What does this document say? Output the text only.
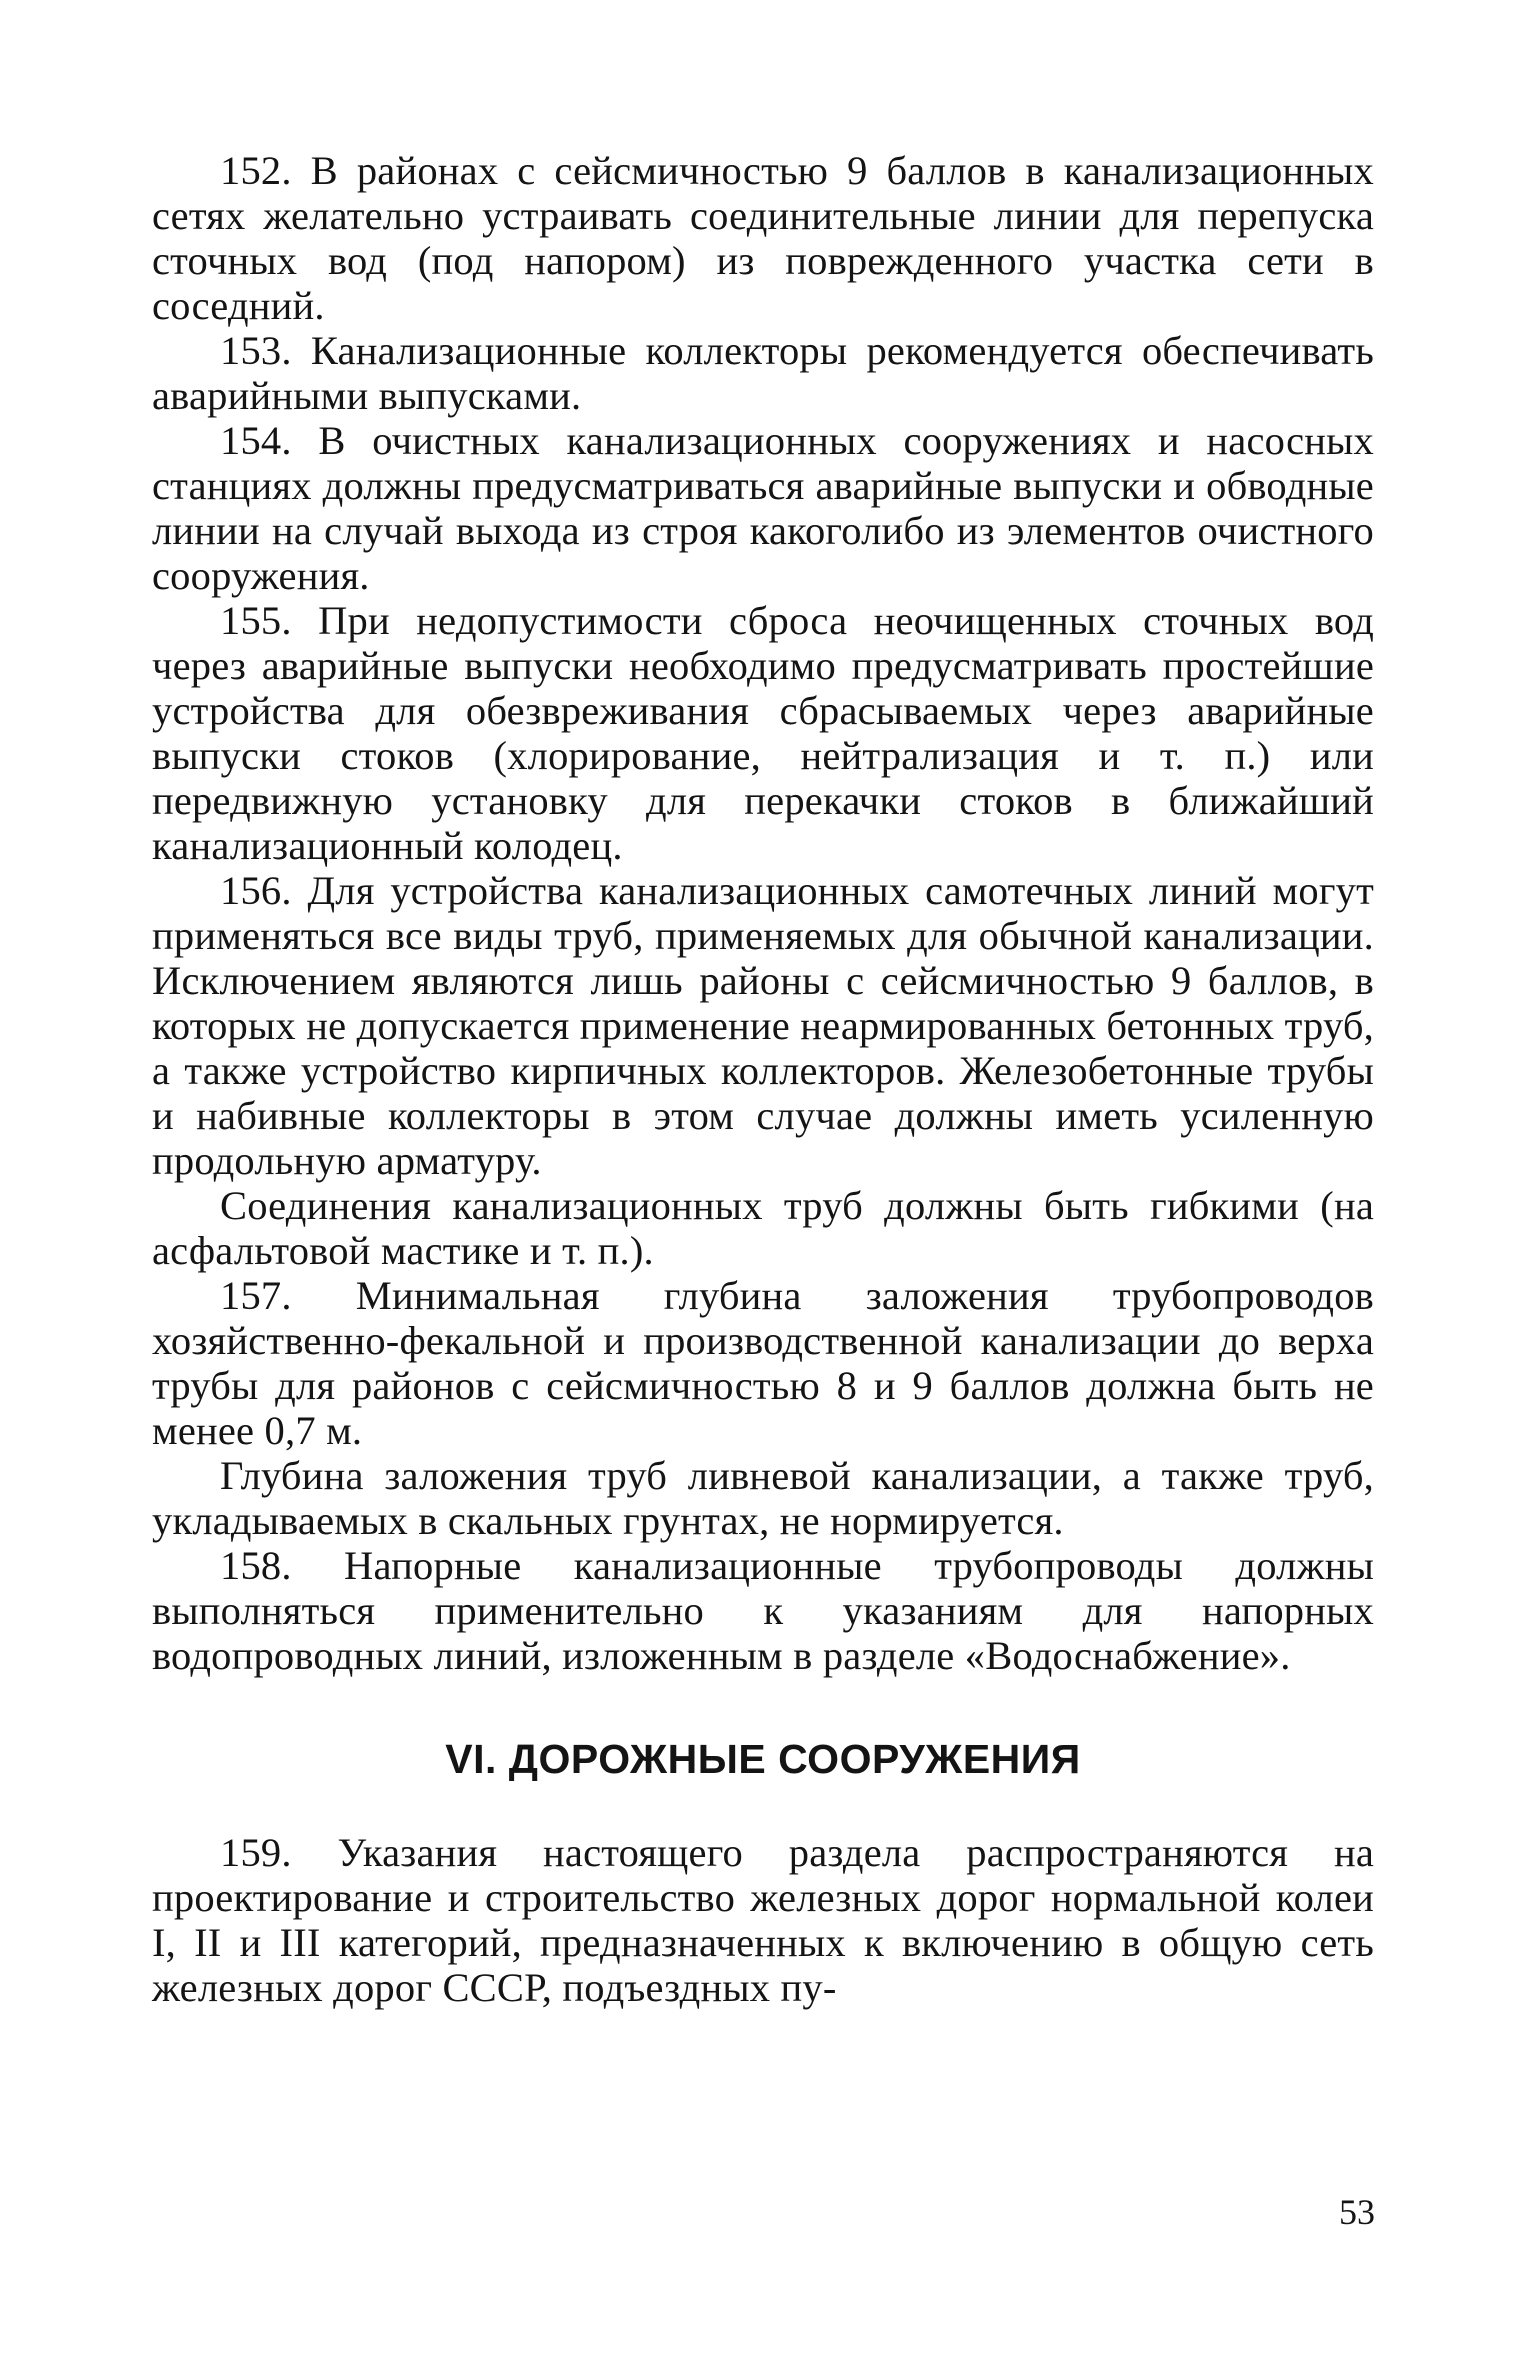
152. В районах с сейсмичностью 9 баллов в канализационных сетях желательно устраивать соединительные линии для перепуска сточных вод (под напором) из поврежденного участка сети в соседний.

153. Канализационные коллекторы рекомендуется обеспечивать аварийными выпусками.

154. В очистных канализационных сооружениях и насосных станциях должны предусматриваться аварийные выпуски и обводные линии на случай выхода из строя какоголибо из элементов очистного сооружения.

155. При недопустимости сброса неочищенных сточных вод через аварийные выпуски необходимо предусматривать простейшие устройства для обезвреживания сбрасываемых через аварийные выпуски стоков (хлорирование, нейтрализация и т. п.) или передвижную установку для перекачки стоков в ближайший канализационный колодец.

156. Для устройства канализационных самотечных линий могут применяться все виды труб, применяемых для обычной канализации. Исключением являются лишь районы с сейсмичностью 9 баллов, в которых не допускается применение неармированных бетонных труб, а также устройство кирпичных коллекторов. Железобетонные трубы и набивные коллекторы в этом случае должны иметь усиленную продольную арматуру.

Соединения канализационных труб должны быть гибкими (на асфальтовой мастике и т. п.).

157. Минимальная глубина заложения трубопроводов хозяйственно-фекальной и производственной канализации до верха трубы для районов с сейсмичностью 8 и 9 баллов должна быть не менее 0,7 м.

Глубина заложения труб ливневой канализации, а также труб, укладываемых в скальных грунтах, не нормируется.

158. Напорные канализационные трубопроводы должны выполняться применительно к указаниям для напорных водопроводных линий, изложенным в разделе «Водоснабжение».

VI. ДОРОЖНЫЕ СООРУЖЕНИЯ

159. Указания настоящего раздела распространяются на проектирование и строительство железных дорог нормальной колеи I, II и III категорий, предназначенных к включению в общую сеть железных дорог СССР, подъездных пу-

53
